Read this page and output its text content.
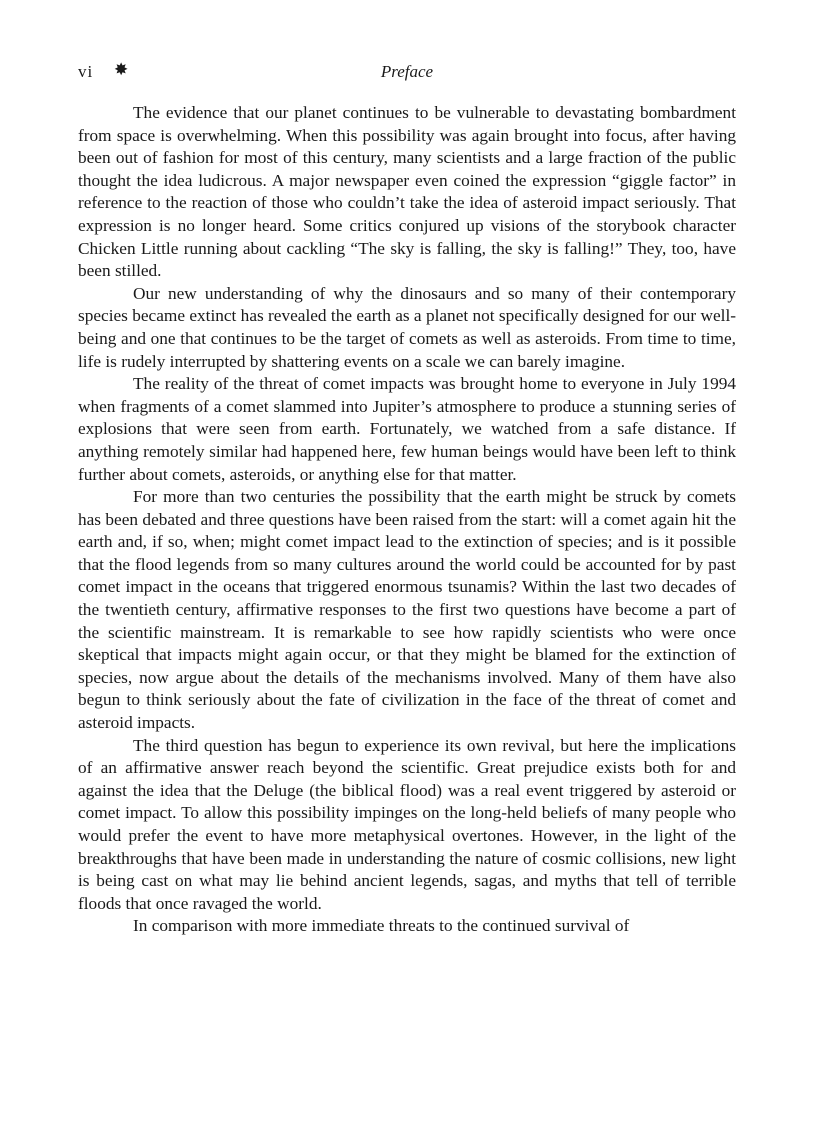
vi ✸	Preface

The evidence that our planet continues to be vulnerable to devastating bombardment from space is overwhelming. When this possibility was again brought into focus, after having been out of fashion for most of this century, many scientists and a large fraction of the public thought the idea ludicrous. A major newspaper even coined the expression “giggle factor” in reference to the reaction of those who couldn’t take the idea of asteroid impact seriously. That expression is no longer heard. Some critics conjured up visions of the storybook character Chicken Little running about cackling “The sky is falling, the sky is falling!” They, too, have been stilled.

Our new understanding of why the dinosaurs and so many of their contemporary species became extinct has revealed the earth as a planet not specifically designed for our well-being and one that continues to be the target of comets as well as asteroids. From time to time, life is rudely interrupted by shattering events on a scale we can barely imagine.

The reality of the threat of comet impacts was brought home to everyone in July 1994 when fragments of a comet slammed into Jupiter’s atmosphere to produce a stunning series of explosions that were seen from earth. Fortunately, we watched from a safe distance. If anything remotely similar had happened here, few human beings would have been left to think further about comets, asteroids, or anything else for that matter.

For more than two centuries the possibility that the earth might be struck by comets has been debated and three questions have been raised from the start: will a comet again hit the earth and, if so, when; might comet impact lead to the extinction of species; and is it possible that the flood legends from so many cultures around the world could be accounted for by past comet impact in the oceans that triggered enormous tsunamis? Within the last two decades of the twentieth century, affirmative responses to the first two questions have become a part of the scientific mainstream. It is remarkable to see how rapidly scientists who were once skeptical that impacts might again occur, or that they might be blamed for the extinction of species, now argue about the details of the mechanisms involved. Many of them have also begun to think seriously about the fate of civilization in the face of the threat of comet and asteroid impacts.

The third question has begun to experience its own revival, but here the implications of an affirmative answer reach beyond the scientific. Great prejudice exists both for and against the idea that the Deluge (the biblical flood) was a real event triggered by asteroid or comet impact. To allow this possibility impinges on the long-held beliefs of many people who would prefer the event to have more metaphysical overtones. However, in the light of the breakthroughs that have been made in understanding the nature of cosmic collisions, new light is being cast on what may lie behind ancient legends, sagas, and myths that tell of terrible floods that once ravaged the world.

In comparison with more immediate threats to the continued survival of
